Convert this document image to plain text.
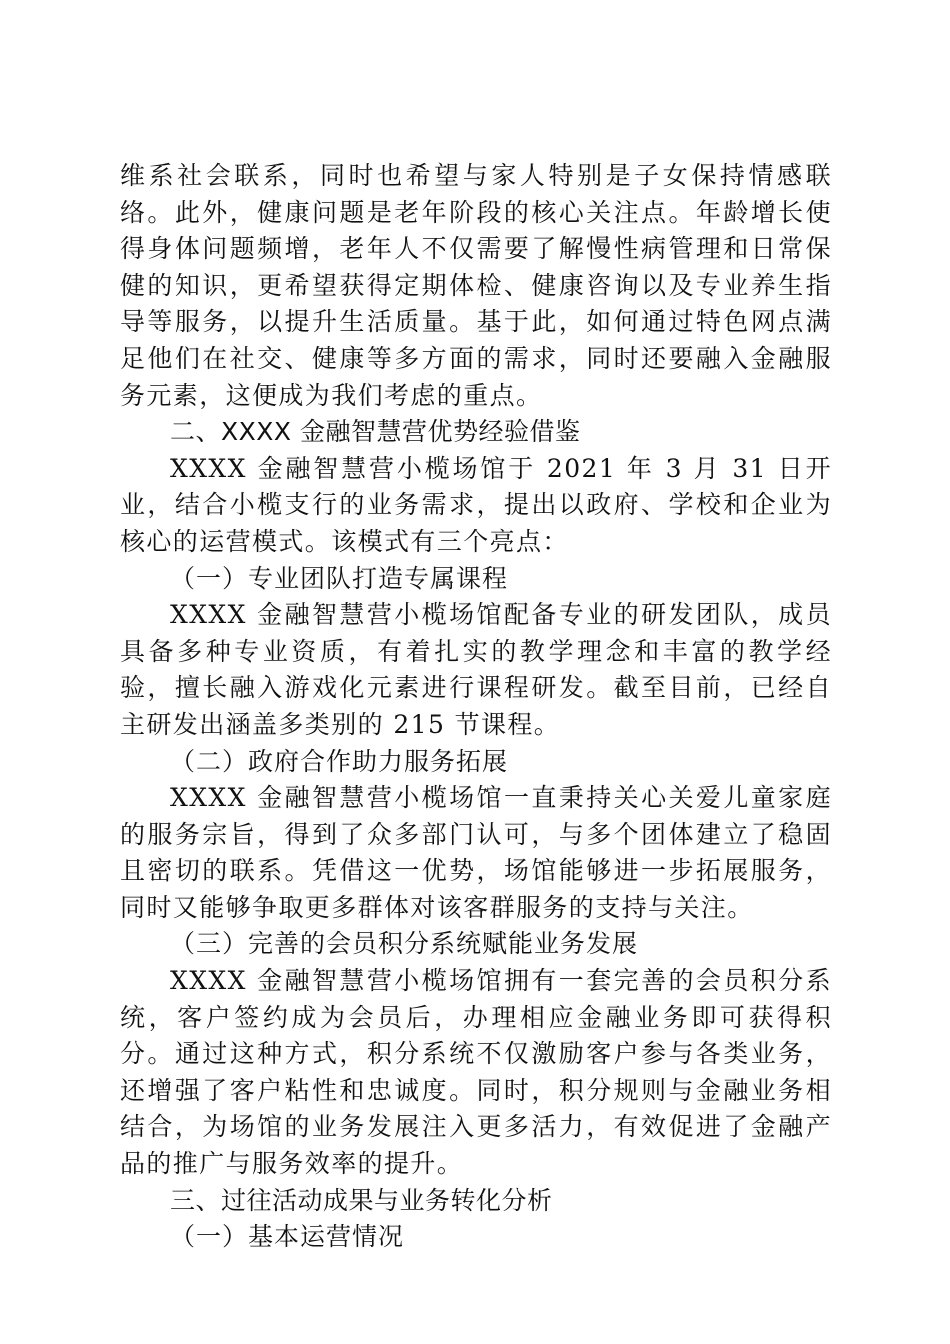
维系社会联系，同时也希望与家人特别是子女保持情感联络。此外，健康问题是老年阶段的核心关注点。年龄增长使得身体问题频增，老年人不仅需要了解慢性病管理和日常保健的知识，更希望获得定期体检、健康咨询以及专业养生指导等服务，以提升生活质量。基于此，如何通过特色网点满足他们在社交、健康等多方面的需求，同时还要融入金融服务元素，这便成为我们考虑的重点。

二、XXXX 金融智慧营优势经验借鉴

XXXX 金融智慧营小榄场馆于 2021 年 3 月 31 日开业，结合小榄支行的业务需求，提出以政府、学校和企业为核心的运营模式。该模式有三个亮点：

（一）专业团队打造专属课程

XXXX 金融智慧营小榄场馆配备专业的研发团队，成员具备多种专业资质，有着扎实的教学理念和丰富的教学经验，擅长融入游戏化元素进行课程研发。截至目前，已经自主研发出涵盖多类别的 215 节课程。

（二）政府合作助力服务拓展

XXXX 金融智慧营小榄场馆一直秉持关心关爱儿童家庭的服务宗旨，得到了众多部门认可，与多个团体建立了稳固且密切的联系。凭借这一优势，场馆能够进一步拓展服务，同时又能够争取更多群体对该客群服务的支持与关注。

（三）完善的会员积分系统赋能业务发展

XXXX 金融智慧营小榄场馆拥有一套完善的会员积分系统，客户签约成为会员后，办理相应金融业务即可获得积分。通过这种方式，积分系统不仅激励客户参与各类业务，还增强了客户粘性和忠诚度。同时，积分规则与金融业务相结合，为场馆的业务发展注入更多活力，有效促进了金融产品的推广与服务效率的提升。

三、过往活动成果与业务转化分析

（一）基本运营情况
